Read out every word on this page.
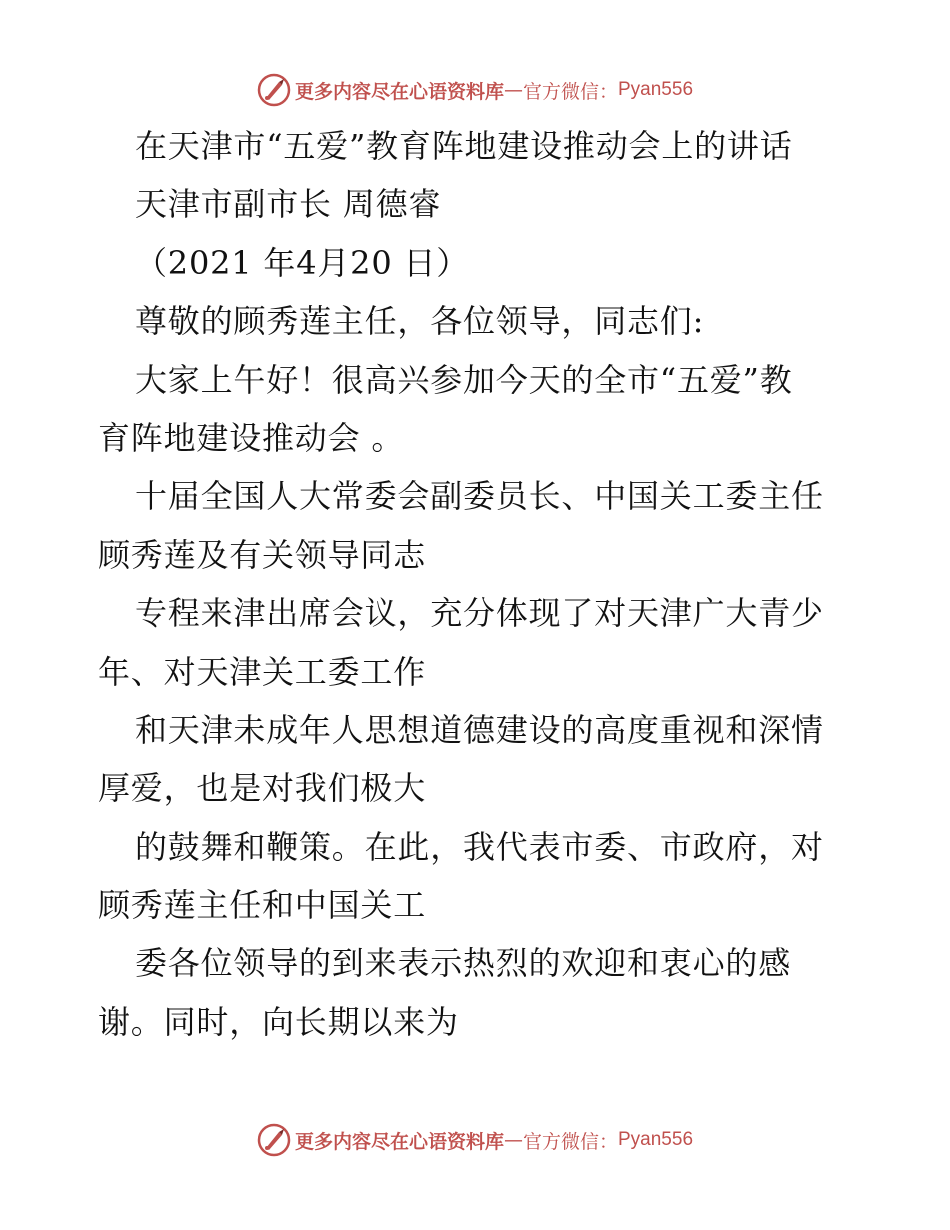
更多内容尽在心语资料库 — 官方微信： Pyan556
在天津市“五爱”教育阵地建设推动会上的讲话
天津市副市长 周德睿
（2021 年4月20 日）
尊敬的顾秀莲主任，各位领导，同志们:
大家上午好！很高兴参加今天的全市“五爱”教
育阵地建设推动会 。
十届全国人大常委会副委员长、中国关工委主任
顾秀莲及有关领导同志
专程来津出席会议，充分体现了对天津广大青少
年、对天津关工委工作
和天津未成年人思想道德建设的高度重视和深情
厚爱，也是对我们极大
的鼓舞和鞭策。在此，我代表市委、市政府，对
顾秀莲主任和中国关工
委各位领导的到来表示热烈的欢迎和衷心的感
谢。同时，向长期以来为
更多内容尽在心语资料库 — 官方微信： Pyan556
